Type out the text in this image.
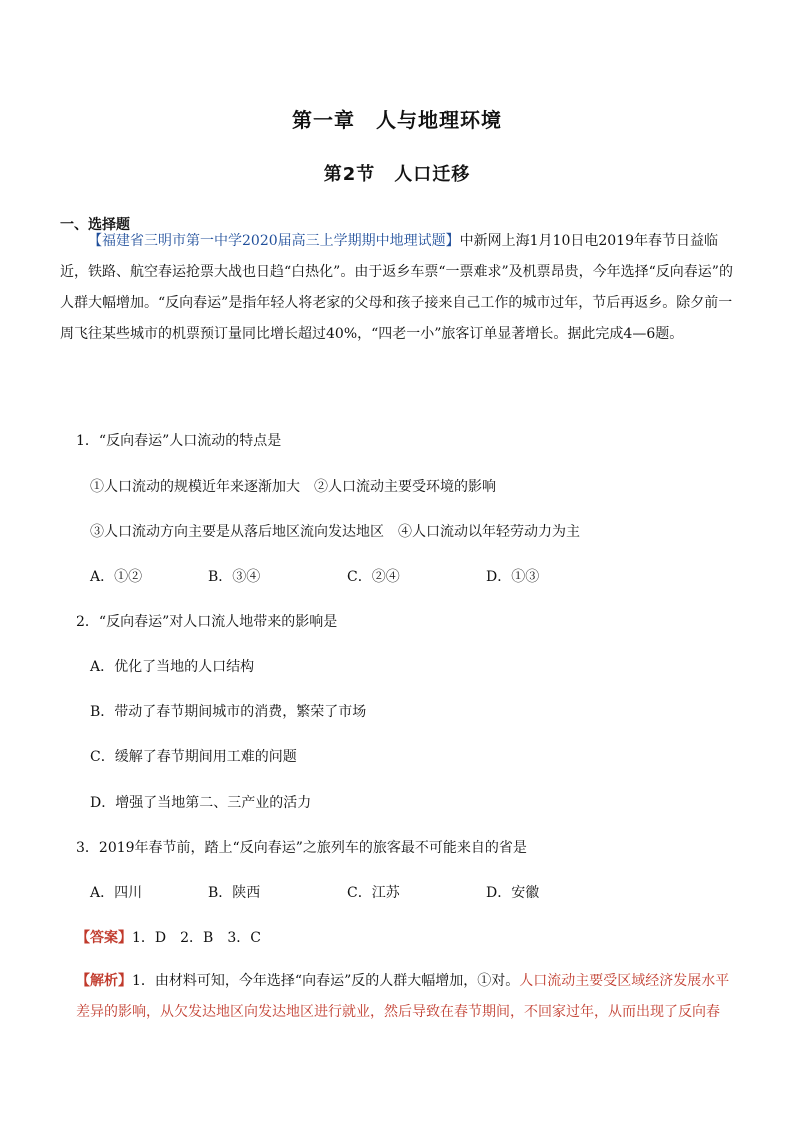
第一章　人与地理环境
第2节　人口迁移
一、选择题

【福建省三明市第一中学2020届高三上学期期中地理试题】中新网上海1月10日电2019年春节日益临近，铁路、航空春运抢票大战也日趋“白热化”。由于返乡车票“一票难求”及机票昂贵，今年选择“反向春运”的人群大幅增加。“反向春运”是指年轻人将老家的父母和孩子接来自己工作的城市过年，节后再返乡。除夕前一周飞往某些城市的机票预订量同比增长超过40%，“四老一小”旅客订单显著增长。据此完成4—6题。

1．“反向春运”人口流动的特点是
①人口流动的规模近年来逐渐加大　②人口流动主要受环境的影响
③人口流动方向主要是从落后地区流向发达地区　④人口流动以年轻劳动力为主
A．①②	B．③④	C．②④	D．①③
2．“反向春运”对人口流人地带来的影响是
A．优化了当地的人口结构
B．带动了春节期间城市的消费，繁荣了市场
C．缓解了春节期间用工难的问题
D．增强了当地第二、三产业的活力
3．2019年春节前，踏上“反向春运”之旅列车的旅客最不可能来自的省是
A．四川	B．陕西	C．江苏	D．安徽
【答案】1．D　2．B　3．C

【解析】1．由材料可知，今年选择“向春运”反的人群大幅增加，①对。人口流动主要受区域经济发展水平差异的影响，从欠发达地区向发达地区进行就业，然后导致在春节期间，不回家过年，从而出现了反向春
